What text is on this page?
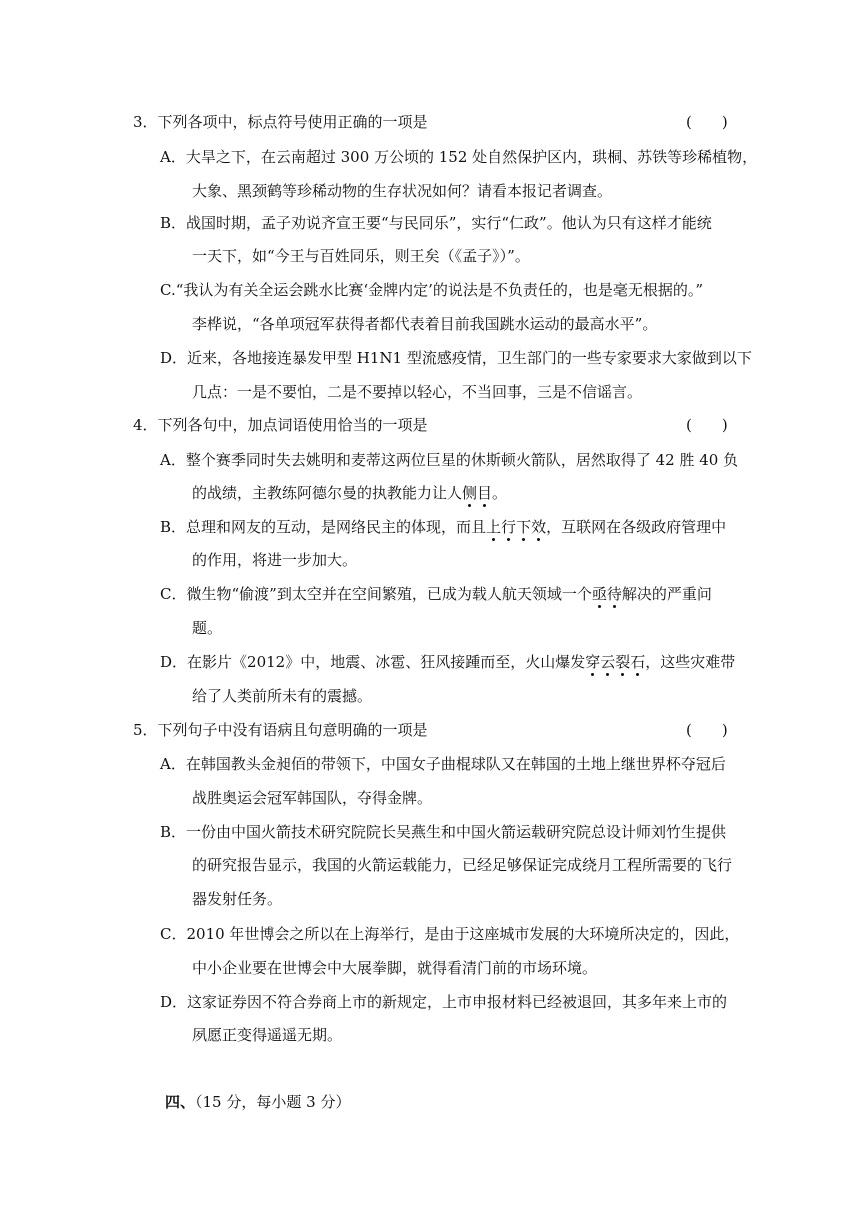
3．下列各项中，标点符号使用正确的一项是	(　　)
A．大旱之下，在云南超过 300 万公顷的 152 处自然保护区内，珙桐、苏铁等珍稀植物，
大象、黑颈鹤等珍稀动物的生存状况如何？请看本报记者调查。
B．战国时期，孟子劝说齐宣王要“与民同乐”，实行“仁政”。他认为只有这样才能统
一天下，如“今王与百姓同乐，则王矣（《孟子》）”。
C.“我认为有关全运会跳水比赛‘金牌内定’的说法是不负责任的，也是毫无根据的。”
李桦说，“各单项冠军获得者都代表着目前我国跳水运动的最高水平”。
D．近来，各地接连暴发甲型 H1N1 型流感疫情，卫生部门的一些专家要求大家做到以下
几点：一是不要怕，二是不要掉以轻心，不当回事，三是不信谣言。
4．下列各句中，加点词语使用恰当的一项是	(　　)
A．整个赛季同时失去姚明和麦蒂这两位巨星的休斯顿火箭队，居然取得了 42 胜 40 负
的战绩，主教练阿德尔曼的执教能力让人侧目。
B．总理和网友的互动，是网络民主的体现，而且上行下效，互联网在各级政府管理中
的作用，将进一步加大。
C．微生物“偷渡”到太空并在空间繁殖，已成为载人航天领域一个亟待解决的严重问
题。
D．在影片《2012》中，地震、冰雹、狂风接踵而至，火山爆发穿云裂石，这些灾难带
给了人类前所未有的震撼。
5．下列句子中没有语病且句意明确的一项是	(　　)
A．在韩国教头金昶佰的带领下，中国女子曲棍球队又在韩国的土地上继世界杯夺冠后
战胜奥运会冠军韩国队，夺得金牌。
B．一份由中国火箭技术研究院院长吴燕生和中国火箭运载研究院总设计师刘竹生提供
的研究报告显示，我国的火箭运载能力，已经足够保证完成绕月工程所需要的飞行
器发射任务。
C．2010 年世博会之所以在上海举行，是由于这座城市发展的大环境所决定的，因此，
中小企业要在世博会中大展拳脚，就得看清门前的市场环境。
D．这家证券因不符合券商上市的新规定，上市申报材料已经被退回，其多年来上市的
夙愿正变得遥遥无期。
四、（15 分，每小题 3 分）
